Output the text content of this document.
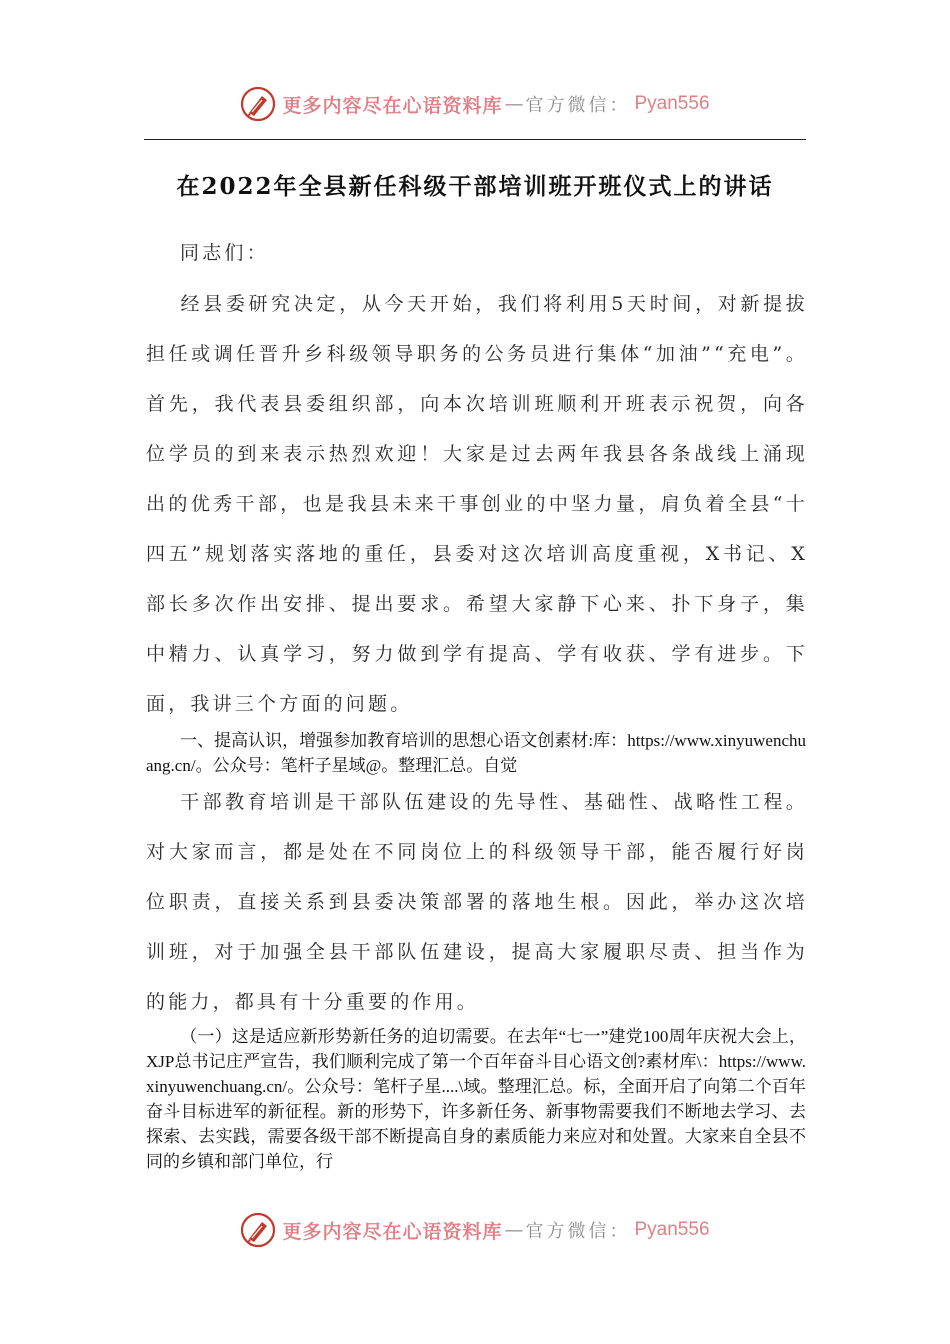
更多内容尽在心语资料库 — 官方微信： Pyan556
在2022年全县新任科级干部培训班开班仪式上的讲话
同志们：
经县委研究决定，从今天开始，我们将利用5天时间，对新提拔担任或调任晋升乡科级领导职务的公务员进行集体“加油”“充电”。首先，我代表县委组织部，向本次培训班顺利开班表示祝贺，向各位学员的到来表示热烈欢迎！大家是过去两年我县各条战线上涌现出的优秀干部，也是我县未来干事创业的中坚力量，肩负着全县“十四五”规划落实落地的重任，县委对这次培训高度重视，X书记、X部长多次作出安排、提出要求。希望大家静下心来、扑下身子，集中精力、认真学习，努力做到学有提高、学有收获、学有进步。下面，我讲三个方面的问题。
一、提高认识，增强参加教育培训的思想心语文创素材:库：https://www.xinyuwenchuang.cn/。公众号：笔杆子星域@。整理汇总。自觉
干部教育培训是干部队伍建设的先导性、基础性、战略性工程。对大家而言，都是处在不同岗位上的科级领导干部，能否履行好岗位职责，直接关系到县委决策部署的落地生根。因此，举办这次培训班，对于加强全县干部队伍建设，提高大家履职尽责、担当作为的能力，都具有十分重要的作用。
（一）这是适应新形势新任务的迫切需要。在去年“七一”建党100周年庆祝大会上，XJP总书记庄严宣告，我们顺利完成了第一个百年奋斗目心语文创?素材库\：https://www.xinyuwenchuang.cn/。公众号：笔杆子星....\域。整理汇总。标，全面开启了向第二个百年奋斗目标进军的新征程。新的形势下，许多新任务、新事物需要我们不断地去学习、去探索、去实践，需要各级干部不断提高自身的素质能力来应对和处置。大家来自全县不同的乡镇和部门单位，行
更多内容尽在心语资料库 — 官方微信： Pyan556
